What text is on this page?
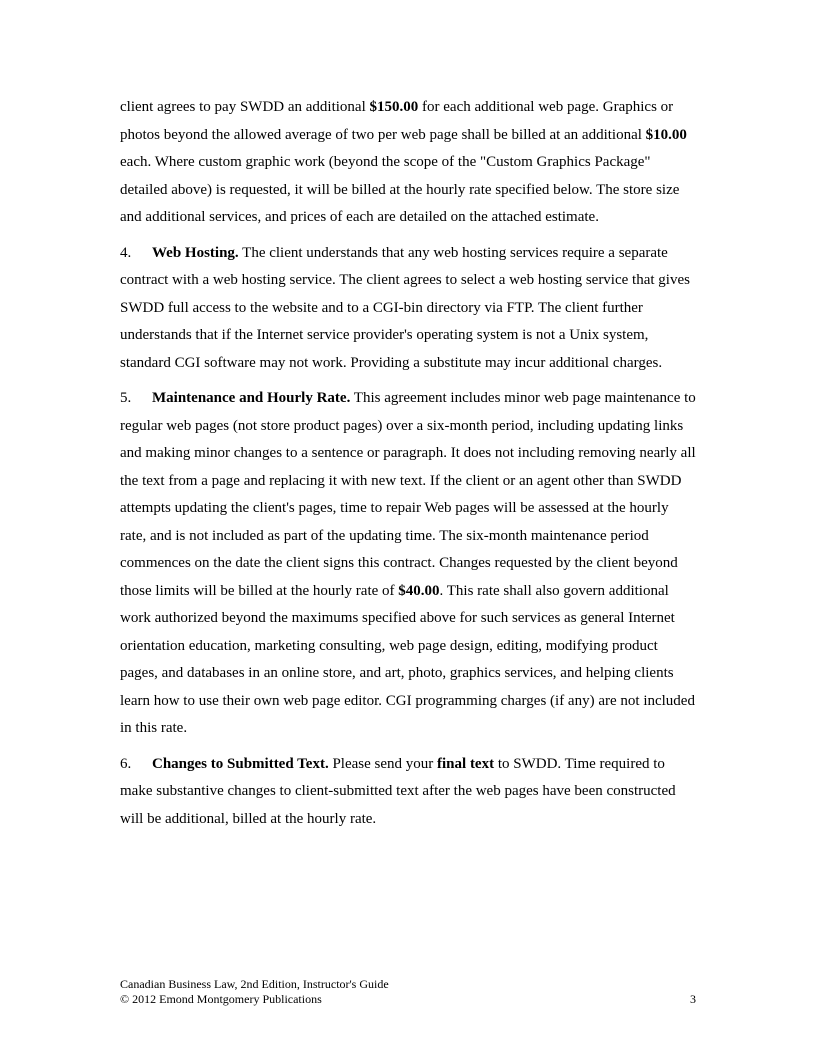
client agrees to pay SWDD an additional $150.00 for each additional web page. Graphics or photos beyond the allowed average of two per web page shall be billed at an additional $10.00 each. Where custom graphic work (beyond the scope of the "Custom Graphics Package" detailed above) is requested, it will be billed at the hourly rate specified below. The store size and additional services, and prices of each are detailed on the attached estimate.

4. Web Hosting. The client understands that any web hosting services require a separate contract with a web hosting service. The client agrees to select a web hosting service that gives SWDD full access to the website and to a CGI-bin directory via FTP. The client further understands that if the Internet service provider's operating system is not a Unix system, standard CGI software may not work. Providing a substitute may incur additional charges.

5. Maintenance and Hourly Rate. This agreement includes minor web page maintenance to regular web pages (not store product pages) over a six-month period, including updating links and making minor changes to a sentence or paragraph. It does not including removing nearly all the text from a page and replacing it with new text. If the client or an agent other than SWDD attempts updating the client's pages, time to repair Web pages will be assessed at the hourly rate, and is not included as part of the updating time. The six-month maintenance period commences on the date the client signs this contract. Changes requested by the client beyond those limits will be billed at the hourly rate of $40.00. This rate shall also govern additional work authorized beyond the maximums specified above for such services as general Internet orientation education, marketing consulting, web page design, editing, modifying product pages, and databases in an online store, and art, photo, graphics services, and helping clients learn how to use their own web page editor. CGI programming charges (if any) are not included in this rate.

6. Changes to Submitted Text. Please send your final text to SWDD. Time required to make substantive changes to client-submitted text after the web pages have been constructed will be additional, billed at the hourly rate.

Canadian Business Law, 2nd Edition, Instructor's Guide
© 2012 Emond Montgomery Publications	3
